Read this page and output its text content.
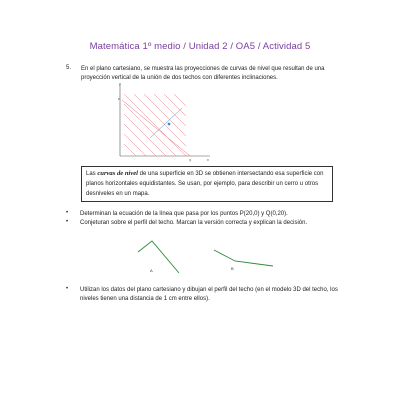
Matemática 1º medio / Unidad 2 / OA5 / Actividad 5
5. En el plano cartesiano, se muestra las proyecciones de curvas de nivel que resultan de una proyección vertical de la unión de dos techos con diferentes inclinaciones.
y
x
P
Q
Las curvas de nivel de una superficie en 3D se obtienen intersectando esa superficie con planos horizontales equidistantes. Se usan, por ejemplo, para describir un cerro u otros desniveles en un mapa.
• Determinan la ecuación de la línea que pasa por los puntos P(20,0) y Q(0,20).
• Conjeturan sobre el perfil del techo. Marcan la versión correcta y explican la decisión.
A	B
• Utilizan los datos del plano cartesiano y dibujan el perfil del techo (en el modelo 3D del techo, los niveles tienen una distancia de 1 cm entre ellos).
